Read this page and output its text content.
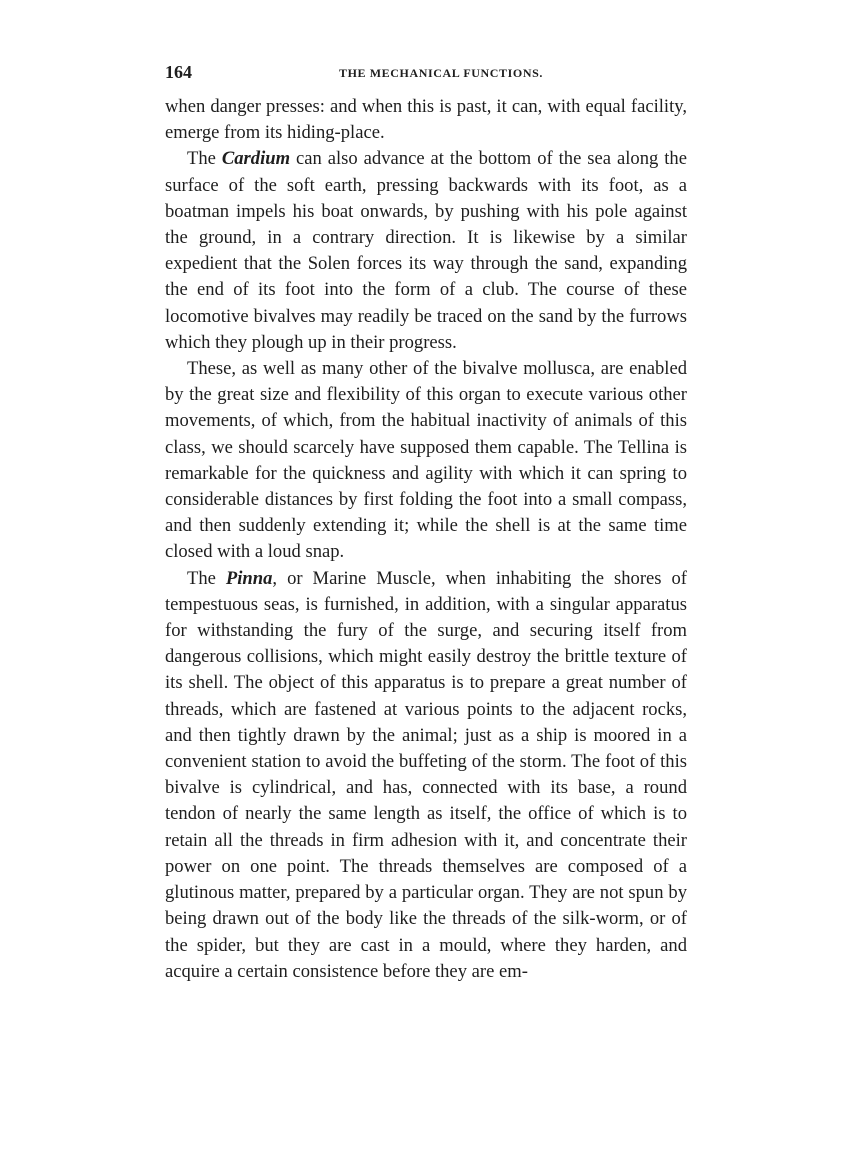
164	THE MECHANICAL FUNCTIONS.

when danger presses: and when this is past, it can, with equal facility, emerge from its hiding-place.

The Cardium can also advance at the bottom of the sea along the surface of the soft earth, pressing backwards with its foot, as a boatman impels his boat onwards, by pushing with his pole against the ground, in a contrary direction. It is likewise by a similar expedient that the Solen forces its way through the sand, expanding the end of its foot into the form of a club. The course of these locomotive bivalves may readily be traced on the sand by the furrows which they plough up in their progress.

These, as well as many other of the bivalve mollusca, are enabled by the great size and flexibility of this organ to execute various other movements, of which, from the habitual inactivity of animals of this class, we should scarcely have supposed them capable. The Tellina is remarkable for the quickness and agility with which it can spring to considerable distances by first folding the foot into a small compass, and then suddenly extending it; while the shell is at the same time closed with a loud snap.

The Pinna, or Marine Muscle, when inhabiting the shores of tempestuous seas, is furnished, in addition, with a singular apparatus for withstanding the fury of the surge, and securing itself from dangerous collisions, which might easily destroy the brittle texture of its shell. The object of this apparatus is to prepare a great number of threads, which are fastened at various points to the adjacent rocks, and then tightly drawn by the animal; just as a ship is moored in a convenient station to avoid the buffeting of the storm. The foot of this bivalve is cylindrical, and has, connected with its base, a round tendon of nearly the same length as itself, the office of which is to retain all the threads in firm adhesion with it, and concentrate their power on one point. The threads themselves are composed of a glutinous matter, prepared by a particular organ. They are not spun by being drawn out of the body like the threads of the silk-worm, or of the spider, but they are cast in a mould, where they harden, and acquire a certain consistence before they are em-
